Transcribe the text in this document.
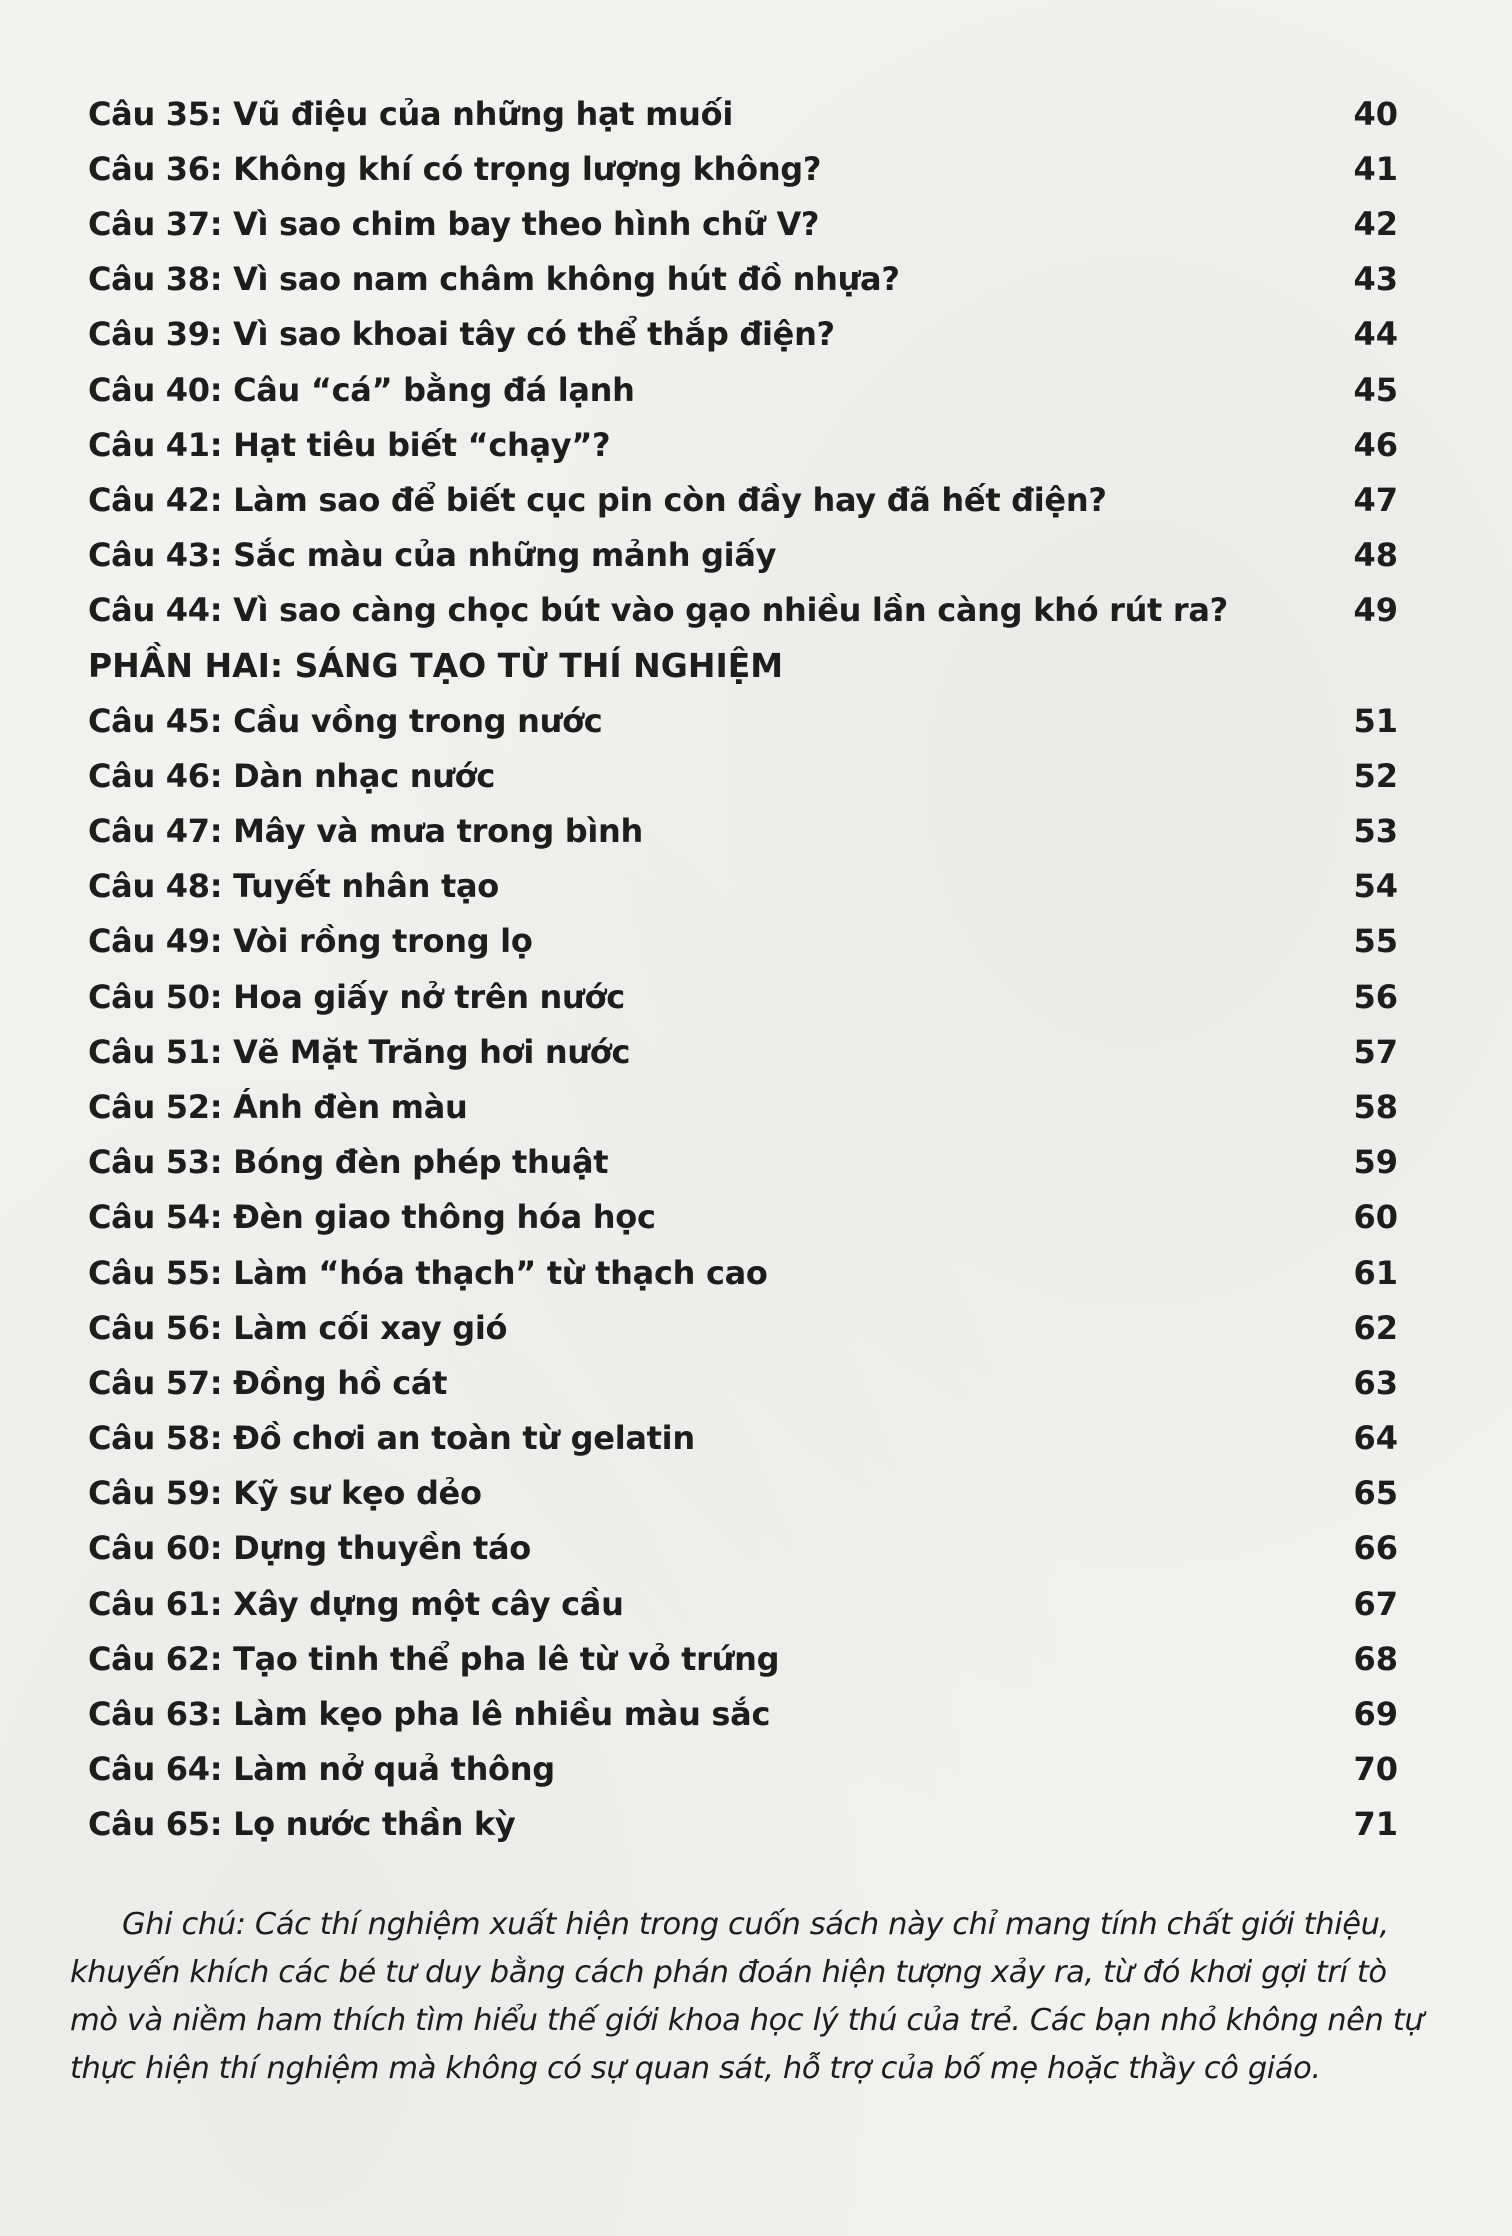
Câu 35: Vũ điệu của những hạt muối	40
Câu 36: Không khí có trọng lượng không?	41
Câu 37: Vì sao chim bay theo hình chữ V?	42
Câu 38: Vì sao nam châm không hút đồ nhựa?	43
Câu 39: Vì sao khoai tây có thể thắp điện?	44
Câu 40: Câu “cá” bằng đá lạnh	45
Câu 41: Hạt tiêu biết “chạy”?	46
Câu 42: Làm sao để biết cục pin còn đầy hay đã hết điện?	47
Câu 43: Sắc màu của những mảnh giấy	48
Câu 44: Vì sao càng chọc bút vào gạo nhiều lần càng khó rút ra?	49
PHẦN HAI: SÁNG TẠO TỪ THÍ NGHIỆM
Câu 45: Cầu vồng trong nước	51
Câu 46: Dàn nhạc nước	52
Câu 47: Mây và mưa trong bình	53
Câu 48: Tuyết nhân tạo	54
Câu 49: Vòi rồng trong lọ	55
Câu 50: Hoa giấy nở trên nước	56
Câu 51: Vẽ Mặt Trăng hơi nước	57
Câu 52: Ánh đèn màu	58
Câu 53: Bóng đèn phép thuật	59
Câu 54: Đèn giao thông hóa học	60
Câu 55: Làm “hóa thạch” từ thạch cao	61
Câu 56: Làm cối xay gió	62
Câu 57: Đồng hồ cát	63
Câu 58: Đồ chơi an toàn từ gelatin	64
Câu 59: Kỹ sư kẹo dẻo	65
Câu 60: Dựng thuyền táo	66
Câu 61: Xây dựng một cây cầu	67
Câu 62: Tạo tinh thể pha lê từ vỏ trứng	68
Câu 63: Làm kẹo pha lê nhiều màu sắc	69
Câu 64: Làm nở quả thông	70
Câu 65: Lọ nước thần kỳ	71

Ghi chú: Các thí nghiệm xuất hiện trong cuốn sách này chỉ mang tính chất giới thiệu, khuyến khích các bé tư duy bằng cách phán đoán hiện tượng xảy ra, từ đó khơi gợi trí tò mò và niềm ham thích tìm hiểu thế giới khoa học lý thú của trẻ. Các bạn nhỏ không nên tự thực hiện thí nghiệm mà không có sự quan sát, hỗ trợ của bố mẹ hoặc thầy cô giáo.
